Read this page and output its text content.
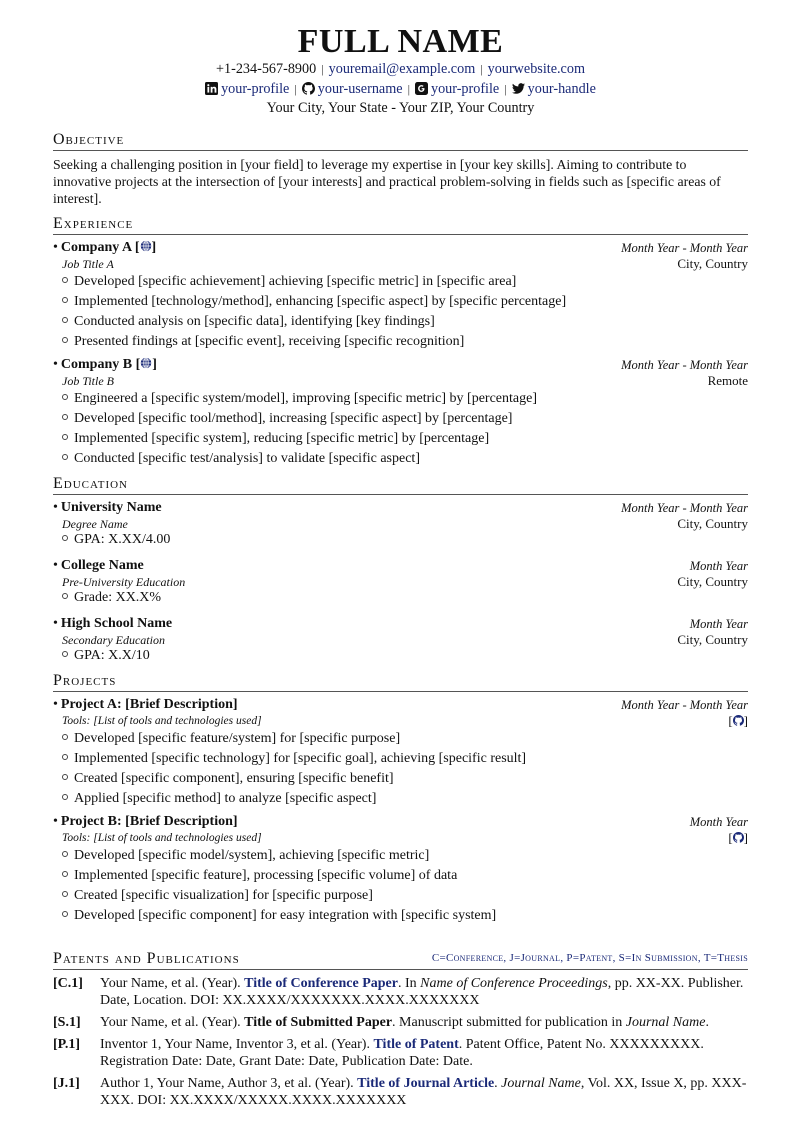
FULL NAME
+1-234-567-8900 | youremail@example.com | yourwebsite.com
your-profile | your-username | your-profile | your-handle
Your City, Your State - Your ZIP, Your Country
Objective
Seeking a challenging position in [your field] to leverage my expertise in [your key skills]. Aiming to contribute to innovative projects at the intersection of [your interests] and practical problem-solving in fields such as [specific areas of interest].
Experience
• Company A [ ]	Month Year - Month Year
Job Title A	City, Country
Developed [specific achievement] achieving [specific metric] in [specific area]
Implemented [technology/method], enhancing [specific aspect] by [specific percentage]
Conducted analysis on [specific data], identifying [key findings]
Presented findings at [specific event], receiving [specific recognition]
• Company B [ ]	Month Year - Month Year
Job Title B	Remote
Engineered a [specific system/model], improving [specific metric] by [percentage]
Developed [specific tool/method], increasing [specific aspect] by [percentage]
Implemented [specific system], reducing [specific metric] by [percentage]
Conducted [specific test/analysis] to validate [specific aspect]
Education
• University Name	Month Year - Month Year
Degree Name	City, Country
GPA: X.XX/4.00
• College Name	Month Year
Pre-University Education	City, Country
Grade: XX.X%
• High School Name	Month Year
Secondary Education	City, Country
GPA: X.X/10
Projects
• Project A: [Brief Description]	Month Year - Month Year
Tools: [List of tools and technologies used]	[ ]
Developed [specific feature/system] for [specific purpose]
Implemented [specific technology] for [specific goal], achieving [specific result]
Created [specific component], ensuring [specific benefit]
Applied [specific method] to analyze [specific aspect]
• Project B: [Brief Description]	Month Year
Tools: [List of tools and technologies used]	[ ]
Developed [specific model/system], achieving [specific metric]
Implemented [specific feature], processing [specific volume] of data
Created [specific visualization] for [specific purpose]
Developed [specific component] for easy integration with [specific system]
Patents and Publications	C=Conference, J=Journal, P=Patent, S=In Submission, T=Thesis
[C.1]	Your Name, et al. (Year). Title of Conference Paper. In Name of Conference Proceedings, pp. XX-XX. Publisher. Date, Location. DOI: XX.XXXX/XXXXXXX.XXXX.XXXXXXX
[S.1]	Your Name, et al. (Year). Title of Submitted Paper. Manuscript submitted for publication in Journal Name.
[P.1]	Inventor 1, Your Name, Inventor 3, et al. (Year). Title of Patent. Patent Office, Patent No. XXXXXXXXX. Registration Date: Date, Grant Date: Date, Publication Date: Date.
[J.1]	Author 1, Your Name, Author 3, et al. (Year). Title of Journal Article. Journal Name, Vol. XX, Issue X, pp. XXX-XXX. DOI: XX.XXXX/XXXXX.XXXX.XXXXXXX
